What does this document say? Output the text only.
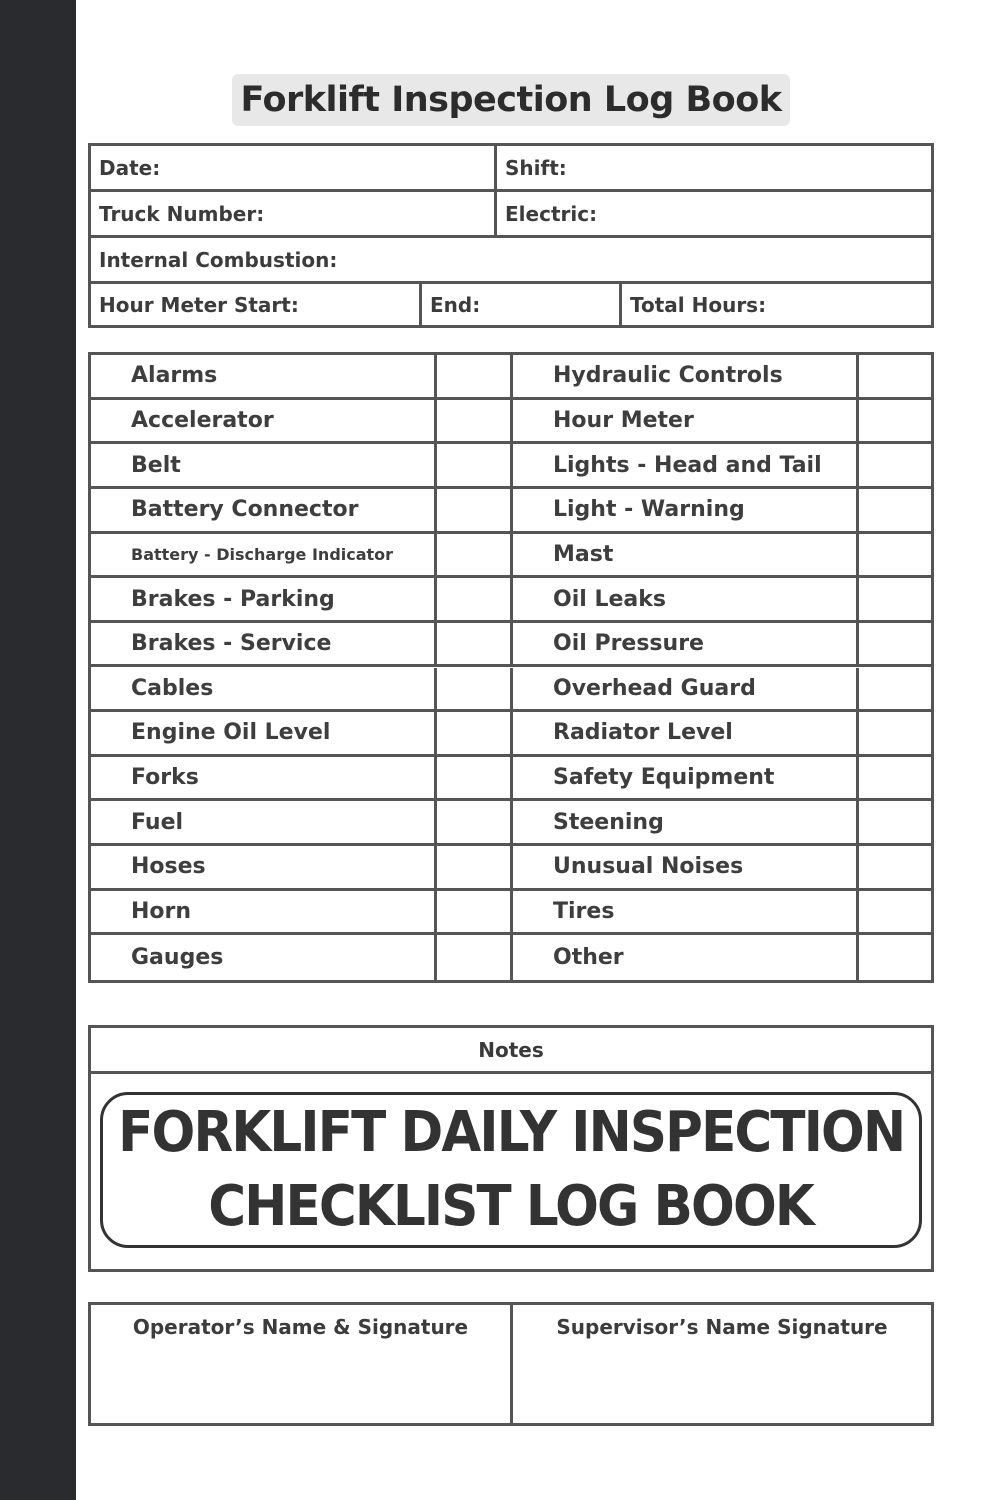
Forklift Inspection Log Book
Date:	Shift:
Truck Number:	Electric:
Internal Combustion:
Hour Meter Start:	End:	Total Hours:
Alarms	Hydraulic Controls
Accelerator	Hour Meter
Belt	Lights - Head and Tail
Battery Connector	Light - Warning
Battery - Discharge Indicator	Mast
Brakes - Parking	Oil Leaks
Brakes - Service	Oil Pressure
Cables	Overhead Guard
Engine Oil Level	Radiator Level
Forks	Safety Equipment
Fuel	Steening
Hoses	Unusual Noises
Horn	Tires
Gauges	Other
Notes
FORKLIFT DAILY INSPECTION
CHECKLIST LOG BOOK
Operator’s Name & Signature	Supervisor’s Name Signature
